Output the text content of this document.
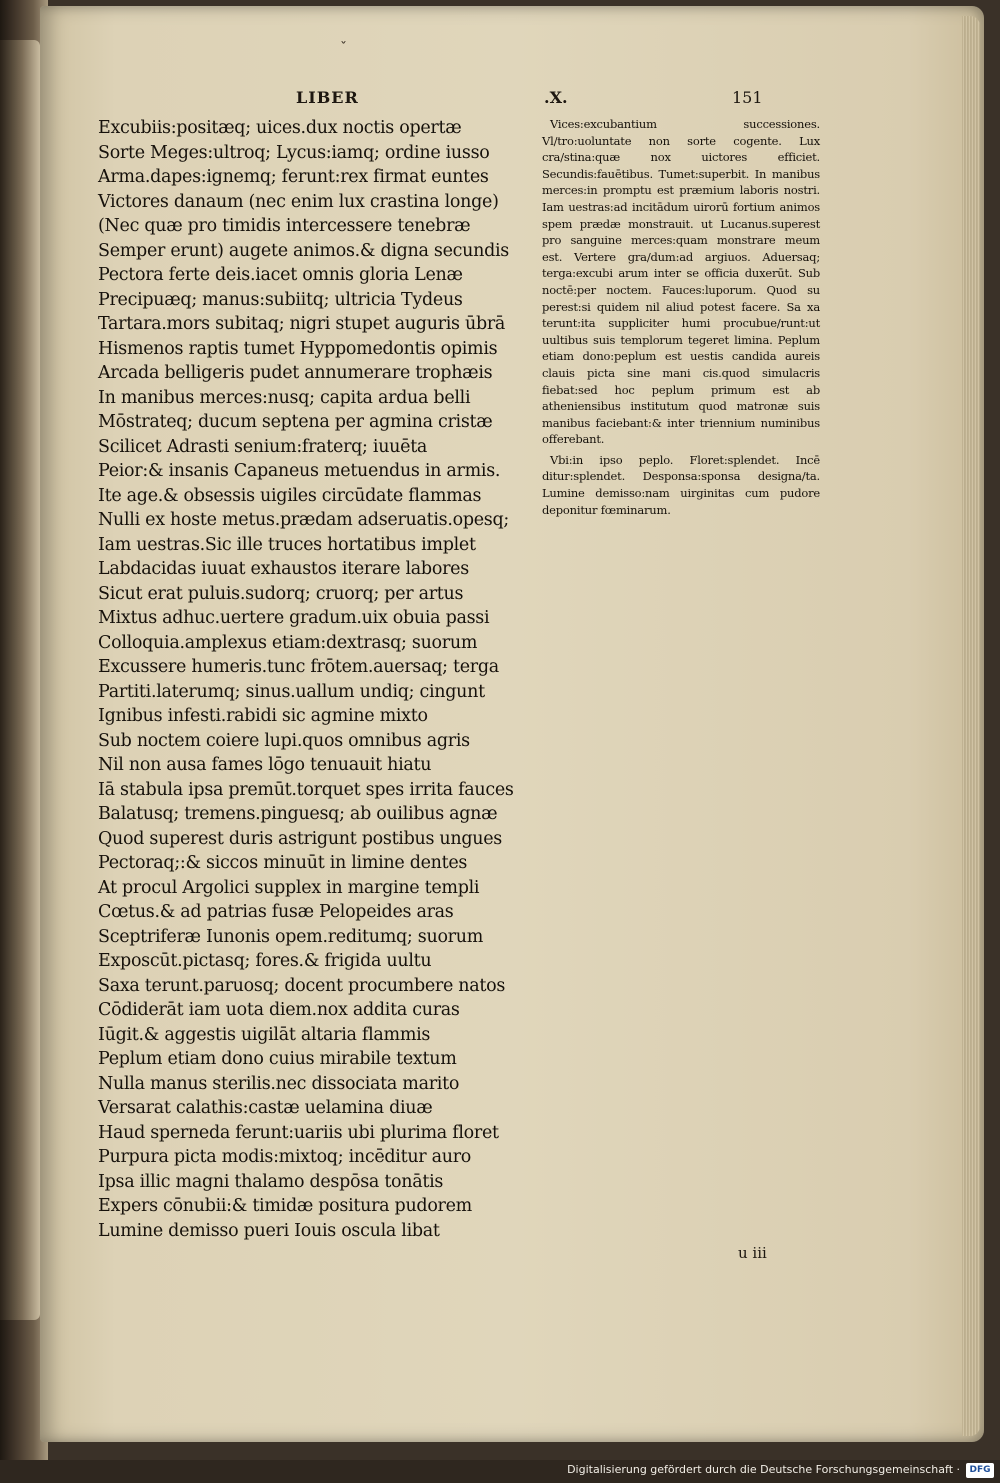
ˇ
LIBER	.X.	151
Excubiis:positæq; uices.dux noctis opertæ
Sorte Meges:ultroq; Lycus:iamq; ordine iusso
Arma.dapes:ignemq; ferunt:rex firmat euntes
Victores danaum (nec enim lux crastina longe)
(Nec quæ pro timidis intercessere tenebræ
Semper erunt) augete animos.& digna secundis
Pectora ferte deis.iacet omnis gloria Lenæ
Precipuæq; manus:subiitq; ultricia Tydeus
Tartara.mors subitaq; nigri stupet auguris ūbrā
Hismenos raptis tumet Hyppomedontis opimis
Arcada belligeris pudet annumerare trophæis
In manibus merces:nusq; capita ardua belli
Mōstrateq; ducum septena per agmina cristæ
Scilicet Adrasti senium:fraterq; iuuēta
Peior:& insanis Capaneus metuendus in armis.
Ite age.& obsessis uigiles circūdate flammas
Nulli ex hoste metus.prædam adseruatis.opesq;
Iam uestras.Sic ille truces hortatibus implet
Labdacidas iuuat exhaustos iterare labores
Sicut erat puluis.sudorq; cruorq; per artus
Mixtus adhuc.uertere gradum.uix obuia passi
Colloquia.amplexus etiam:dextrasq; suorum
Excussere humeris.tunc frōtem.auersaq; terga
Partiti.laterumq; sinus.uallum undiq; cingunt
Ignibus infesti.rabidi sic agmine mixto
Sub noctem coiere lupi.quos omnibus agris
Nil non ausa fames lōgo tenuauit hiatu
Iā stabula ipsa premūt.torquet spes irrita fauces
Balatusq; tremens.pinguesq; ab ouilibus agnæ
Quod superest duris astrigunt postibus ungues
Pectoraq;:& siccos minuūt in limine dentes
At procul Argolici supplex in margine templi
Cœtus.& ad patrias fusæ Pelopeides aras
Sceptriferæ Iunonis opem.reditumq; suorum
Exposcūt.pictasq; fores.& frigida uultu
Saxa terunt.paruosq; docent procumbere natos
Cōdiderāt iam uota diem.nox addita curas
Iūgit.& aggestis uigilāt altaria flammis
Peplum etiam dono cuius mirabile textum
Nulla manus sterilis.nec dissociata marito
Versarat calathis:castæ uelamina diuæ
Haud sperneda ferunt:uariis ubi plurima floret
Purpura picta modis:mixtoq; incēditur auro
Ipsa illic magni thalamo despōsa tonātis
Expers cōnubii:& timidæ positura pudorem
Lumine demisso pueri Iouis oscula libat

Vices:excubantium successiones. Vl/tro:uoluntate non sorte cogente. Lux cra/stina:quæ nox uictores efficiet. Secundis:fauētibus. Tumet:superbit. In manibus merces:in promptu est præmium laboris nostri. Iam uestras:ad incitādum uirorū fortium animos spem prædæ monstrauit. ut Lucanus.superest pro sanguine merces:quam monstrare meum est. Vertere gra/dum:ad argiuos. Aduersaq; terga:excubi arum inter se officia duxerūt. Sub noctē:per noctem. Fauces:luporum. Quod su perest:si quidem nil aliud potest facere. Sa xa terunt:ita suppliciter humi procubue/runt:ut uultibus suis templorum tegeret limina. Peplum etiam dono:peplum est uestis candida aureis clauis picta sine mani cis.quod simulacris fiebat:sed hoc peplum primum est ab atheniensibus institutum quod matronæ suis manibus faciebant:& inter triennium numinibus offerebant.

Vbi:in ipso peplo. Floret:splendet. Incē ditur:splendet. Desponsa:sponsa designa/ta. Lumine demisso:nam uirginitas cum pudore deponitur fœminarum.

u iii
Digitalisierung gefördert durch die Deutsche Forschungsgemeinschaft ·	DFG
